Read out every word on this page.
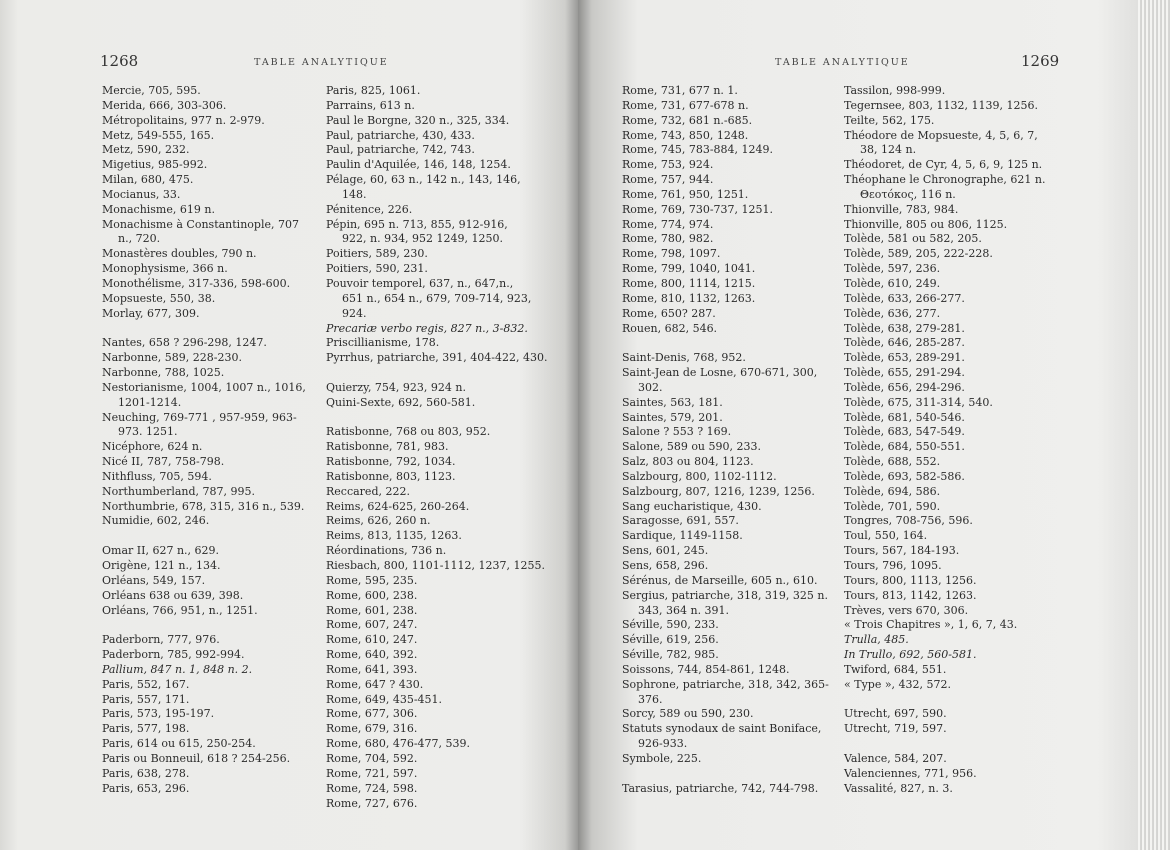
1268	TABLE ANALYTIQUE
Mercie, 705, 595.
Merida, 666, 303-306.
Métropolitains, 977 n. 2-979.
Metz, 549-555, 165.
Metz, 590, 232.
Migetius, 985-992.
Milan, 680, 475.
Mocianus, 33.
Monachisme, 619 n.
Monachisme à Constantinople, 707 n., 720.
Monastères doubles, 790 n.
Monophysisme, 366 n.
Monothélisme, 317-336, 598-600.
Mopsueste, 550, 38.
Morlay, 677, 309.
Nantes, 658 ? 296-298, 1247.
Narbonne, 589, 228-230.
Narbonne, 788, 1025.
Nestorianisme, 1004, 1007 n., 1016, 1201-1214.
Neuching, 769-771 , 957-959, 963-973. 1251.
Nicéphore, 624 n.
Nicé II, 787, 758-798.
Nithfluss, 705, 594.
Northumberland, 787, 995.
Northumbrie, 678, 315, 316 n., 539.
Numidie, 602, 246.
Omar II, 627 n., 629.
Origène, 121 n., 134.
Orléans, 549, 157.
Orléans 638 ou 639, 398.
Orléans, 766, 951, n., 1251.
Paderborn, 777, 976.
Paderborn, 785, 992-994.
Pallium, 847 n. 1, 848 n. 2.
Paris, 552, 167.
Paris, 557, 171.
Paris, 573, 195-197.
Paris, 577, 198.
Paris, 614 ou 615, 250-254.
Paris ou Bonneuil, 618 ? 254-256.
Paris, 638, 278.
Paris, 653, 296.
Paris, 825, 1061.
Parrains, 613 n.
Paul le Borgne, 320 n., 325, 334.
Paul, patriarche, 430, 433.
Paul, patriarche, 742, 743.
Paulin d'Aquilée, 146, 148, 1254.
Pélage, 60, 63 n., 142 n., 143, 146, 148.
Pénitence, 226.
Pépin, 695 n. 713, 855, 912-916, 922, n. 934, 952 1249, 1250.
Poitiers, 589, 230.
Poitiers, 590, 231.
Pouvoir temporel, 637, n., 647,n., 651 n., 654 n., 679, 709-714, 923, 924.
Precariæ verbo regis, 827 n., 3-832.
Priscillianisme, 178.
Pyrrhus, patriarche, 391, 404-422, 430.
Quierzy, 754, 923, 924 n.
Quini-Sexte, 692, 560-581.
Ratisbonne, 768 ou 803, 952.
Ratisbonne, 781, 983.
Ratisbonne, 792, 1034.
Ratisbonne, 803, 1123.
Reccared, 222.
Reims, 624-625, 260-264.
Reims, 626, 260 n.
Reims, 813, 1135, 1263.
Réordinations, 736 n.
Riesbach, 800, 1101-1112, 1237, 1255.
Rome, 595, 235.
Rome, 600, 238.
Rome, 601, 238.
Rome, 607, 247.
Rome, 610, 247.
Rome, 640, 392.
Rome, 641, 393.
Rome, 647 ? 430.
Rome, 649, 435-451.
Rome, 677, 306.
Rome, 679, 316.
Rome, 680, 476-477, 539.
Rome, 704, 592.
Rome, 721, 597.
Rome, 724, 598.
Rome, 727, 676.
TABLE ANALYTIQUE	1269
Rome, 731, 677 n. 1.
Rome, 731, 677-678 n.
Rome, 732, 681 n.-685.
Rome, 743, 850, 1248.
Rome, 745, 783-884, 1249.
Rome, 753, 924.
Rome, 757, 944.
Rome, 761, 950, 1251.
Rome, 769, 730-737, 1251.
Rome, 774, 974.
Rome, 780, 982.
Rome, 798, 1097.
Rome, 799, 1040, 1041.
Rome, 800, 1114, 1215.
Rome, 810, 1132, 1263.
Rome, 650? 287.
Rouen, 682, 546.
Saint-Denis, 768, 952.
Saint-Jean de Losne, 670-671, 300, 302.
Saintes, 563, 181.
Saintes, 579, 201.
Salone ? 553 ? 169.
Salone, 589 ou 590, 233.
Salz, 803 ou 804, 1123.
Salzbourg, 800, 1102-1112.
Salzbourg, 807, 1216, 1239, 1256.
Sang eucharistique, 430.
Saragosse, 691, 557.
Sardique, 1149-1158.
Sens, 601, 245.
Sens, 658, 296.
Sérénus, de Marseille, 605 n., 610.
Sergius, patriarche, 318, 319, 325 n. 343, 364 n. 391.
Séville, 590, 233.
Séville, 619, 256.
Séville, 782, 985.
Soissons, 744, 854-861, 1248.
Sophrone, patriarche, 318, 342, 365-376.
Sorcy, 589 ou 590, 230.
Statuts synodaux de saint Boniface, 926-933.
Symbole, 225.
Tarasius, patriarche, 742, 744-798.
Tassilon, 998-999.
Tegernsee, 803, 1132, 1139, 1256.
Teilte, 562, 175.
Théodore de Mopsueste, 4, 5, 6, 7, 38, 124 n.
Théodoret, de Cyr, 4, 5, 6, 9, 125 n.
Théophane le Chronographe, 621 n. Θεοτόκος, 116 n.
Thionville, 783, 984.
Thionville, 805 ou 806, 1125.
Tolède, 581 ou 582, 205.
Tolède, 589, 205, 222-228.
Tolède, 597, 236.
Tolède, 610, 249.
Tolède, 633, 266-277.
Tolède, 636, 277.
Tolède, 638, 279-281.
Tolède, 646, 285-287.
Tolède, 653, 289-291.
Tolède, 655, 291-294.
Tolède, 656, 294-296.
Tolède, 675, 311-314, 540.
Tolède, 681, 540-546.
Tolède, 683, 547-549.
Tolède, 684, 550-551.
Tolède, 688, 552.
Tolède, 693, 582-586.
Tolède, 694, 586.
Tolède, 701, 590.
Tongres, 708-756, 596.
Toul, 550, 164.
Tours, 567, 184-193.
Tours, 796, 1095.
Tours, 800, 1113, 1256.
Tours, 813, 1142, 1263.
Trèves, vers 670, 306.
« Trois Chapitres », 1, 6, 7, 43.
Trulla, 485.
In Trullo, 692, 560-581.
Twiford, 684, 551.
« Type », 432, 572.
Utrecht, 697, 590.
Utrecht, 719, 597.
Valence, 584, 207.
Valenciennes, 771, 956.
Vassalité, 827, n. 3.
